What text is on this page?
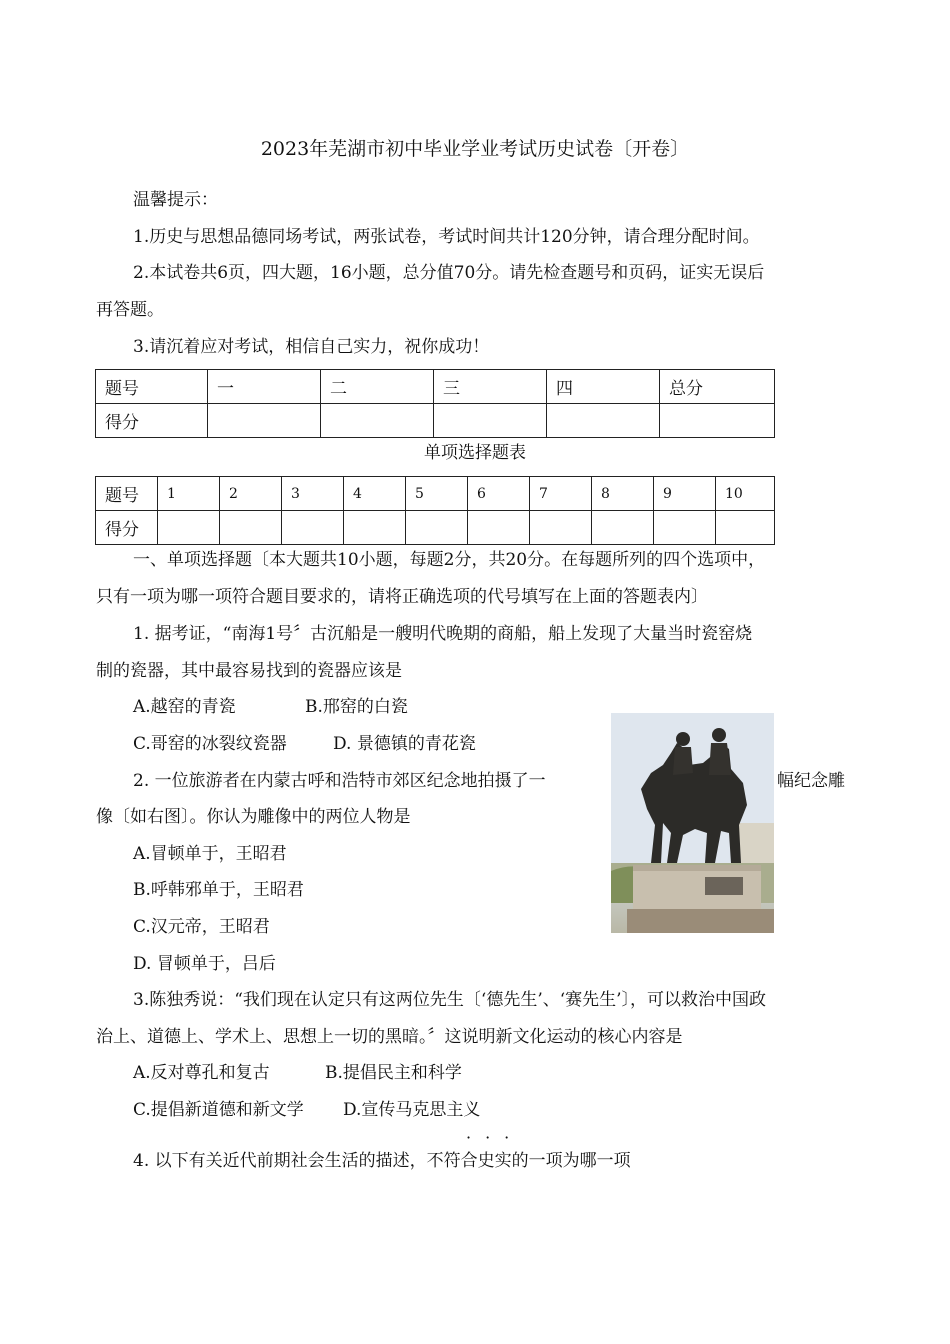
2023年芜湖市初中毕业学业考试历史试卷〔开卷〕
温馨提示：
1.历史与思想品德同场考试，两张试卷，考试时间共计120分钟，请合理分配时间。
2.本试卷共6页，四大题，16小题，总分值70分。请先检查题号和页码，证实无误后
再答题。
3.请沉着应对考试，相信自己实力，祝你成功！
题号	一	二	三	四	总分
得分					
单项选择题表
题号	1	2	3	4	5	6	7	8	9	10
得分										
一、单项选择题〔本大题共10小题，每题2分，共20分。在每题所列的四个选项中，
只有一项为哪一项符合题目要求的，请将正确选项的代号填写在上面的答题表内〕
1. 据考证，“南海1号〞古沉船是一艘明代晚期的商船，船上发现了大量当时瓷窑烧
制的瓷器，其中最容易找到的瓷器应该是
A.越窑的青瓷	B.邢窑的白瓷
C.哥窑的冰裂纹瓷器	D. 景德镇的青花瓷
2. 一位旅游者在内蒙古呼和浩特市郊区纪念地拍摄了一	幅纪念雕
像〔如右图〕。你认为雕像中的两位人物是
A.冒顿单于，王昭君
B.呼韩邪单于，王昭君
C.汉元帝，王昭君
D. 冒顿单于，吕后
3.陈独秀说：“我们现在认定只有这两位先生〔‘德先生’、‘赛先生’〕，可以救治中国政
治上、道德上、学术上、思想上一切的黑暗。〞这说明新文化运动的核心内容是
A.反对尊孔和复古	B.提倡民主和科学
C.提倡新道德和新文学 D.宣传马克思主义
···
4. 以下有关近代前期社会生活的描述，不符合史实的一项为哪一项
